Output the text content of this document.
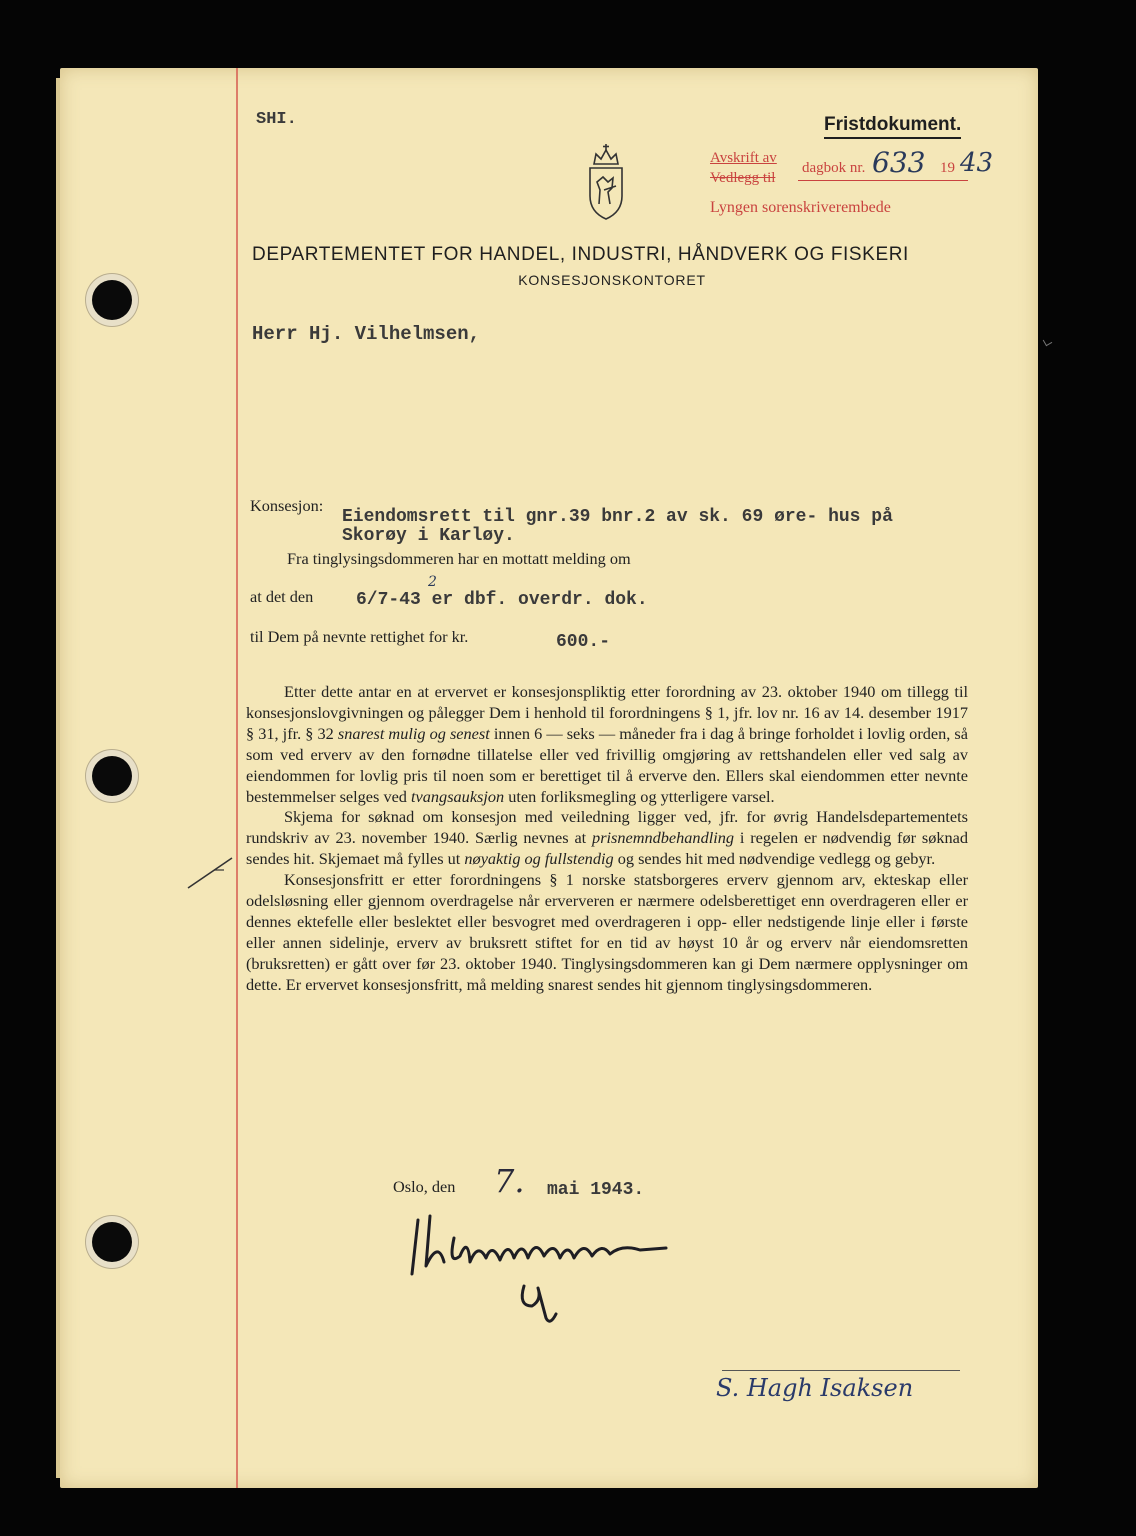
SHI.	Fristdokument.
Avskrift av
Vedlegg til
dagbok nr. 633 19 43
Lyngen sorenskriverembede
DEPARTEMENTET FOR HANDEL, INDUSTRI, HÅNDVERK OG FISKERI
KONSESJONSKONTORET
Herr Hj. Vilhelmsen,
Konsesjon:
Eiendomsrett til gnr.39 bnr.2 av sk. 69 øre- hus på
Skorøy i Karløy.
Fra tinglysingsdommeren har en mottatt melding om
at det den 6/7-43 er dbf. overdr. dok.
2
til Dem på nevnte rettighet for kr.	600.-

Etter dette antar en at ervervet er konsesjonspliktig etter forordning av 23. oktober 1940 om tillegg til konsesjonslovgivningen og pålegger Dem i henhold til forordningens § 1, jfr. lov nr. 16 av 14. desember 1917 § 31, jfr. § 32 snarest mulig og senest innen 6 — seks — måneder fra i dag å bringe forholdet i lovlig orden, så som ved erverv av den fornødne tillatelse eller ved frivillig omgjøring av rettshandelen eller ved salg av eiendommen for lovlig pris til noen som er berettiget til å erverve den. Ellers skal eiendommen etter nevnte bestemmelser selges ved tvangsauksjon uten forliksmegling og ytterligere varsel.

Skjema for søknad om konsesjon med veiledning ligger ved, jfr. for øvrig Handelsdepartementets rundskriv av 23. november 1940. Særlig nevnes at prisnemndbehandling i regelen er nødvendig før søknad sendes hit. Skjemaet må fylles ut nøyaktig og fullstendig og sendes hit med nødvendige vedlegg og gebyr.

Konsesjonsfritt er etter forordningens § 1 norske statsborgeres erverv gjennom arv, ekteskap eller odelsløsning eller gjennom overdragelse når erververen er nærmere odelsberettiget enn overdrageren eller er dennes ektefelle eller beslektet eller besvogret med overdrageren i opp- eller nedstigende linje eller i første eller annen sidelinje, erverv av bruksrett stiftet for en tid av høyst 10 år og erverv når eiendomsretten (bruksretten) er gått over før 23. oktober 1940. Tinglysingsdommeren kan gi Dem nærmere opplysninger om dette. Er ervervet konsesjonsfritt, må melding snarest sendes hit gjennom tinglysingsdommeren.

Oslo, den 7. mai 1943.
S. Hagh Isaksen
